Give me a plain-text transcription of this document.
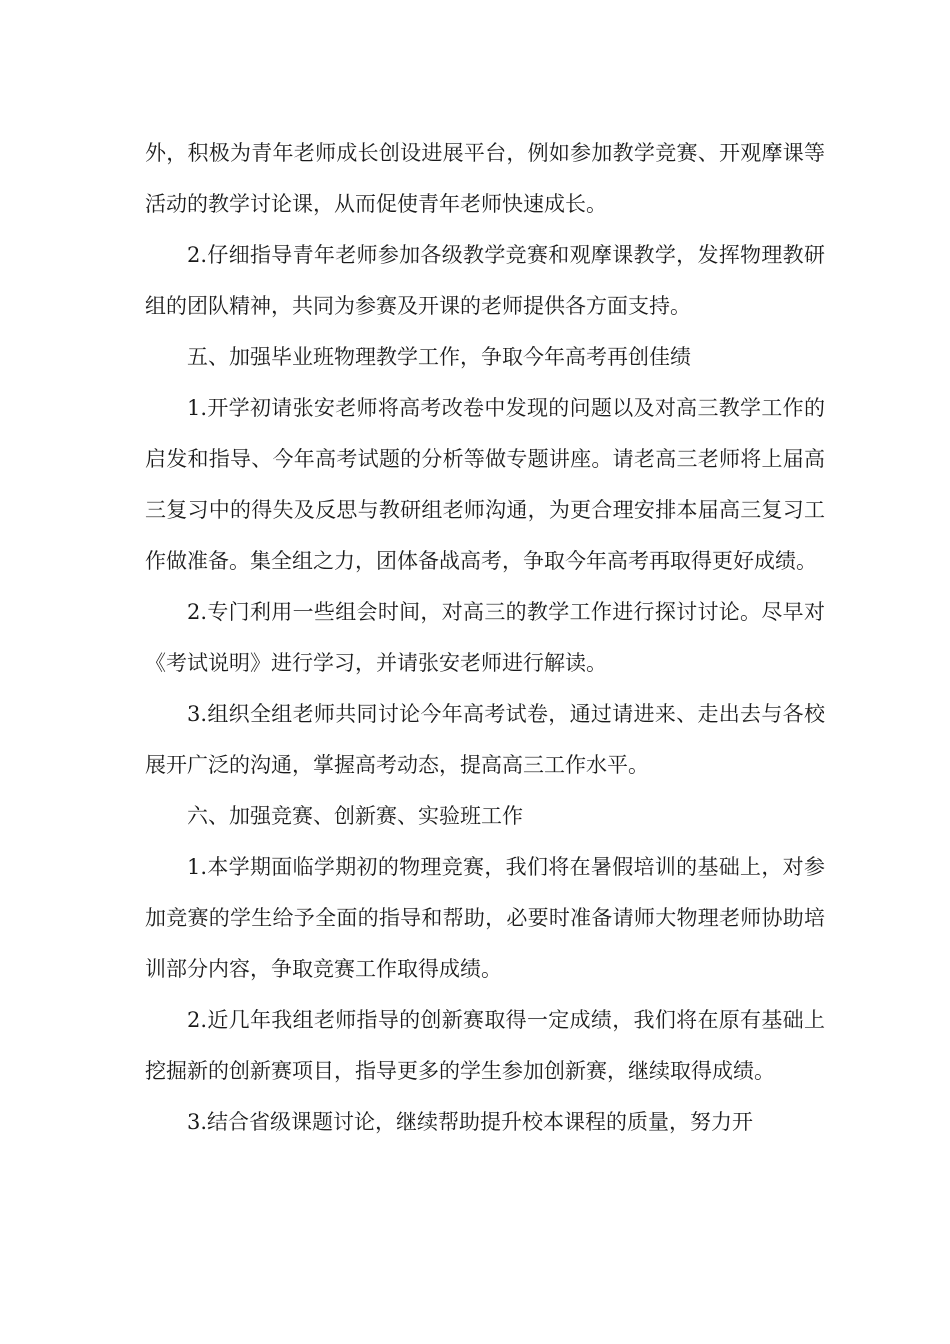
外，积极为青年老师成长创设进展平台，例如参加教学竞赛、开观摩课等活动的教学讨论课，从而促使青年老师快速成长。

2.仔细指导青年老师参加各级教学竞赛和观摩课教学，发挥物理教研组的团队精神，共同为参赛及开课的老师提供各方面支持。

五、加强毕业班物理教学工作，争取今年高考再创佳绩

1.开学初请张安老师将高考改卷中发现的问题以及对高三教学工作的启发和指导、今年高考试题的分析等做专题讲座。请老高三老师将上届高三复习中的得失及反思与教研组老师沟通，为更合理安排本届高三复习工作做准备。集全组之力，团体备战高考，争取今年高考再取得更好成绩。

2.专门利用一些组会时间，对高三的教学工作进行探讨讨论。尽早对《考试说明》进行学习，并请张安老师进行解读。

3.组织全组老师共同讨论今年高考试卷，通过请进来、走出去与各校展开广泛的沟通，掌握高考动态，提高高三工作水平。

六、加强竞赛、创新赛、实验班工作

1.本学期面临学期初的物理竞赛，我们将在暑假培训的基础上，对参加竞赛的学生给予全面的指导和帮助，必要时准备请师大物理老师协助培训部分内容，争取竞赛工作取得成绩。

2.近几年我组老师指导的创新赛取得一定成绩，我们将在原有基础上挖掘新的创新赛项目，指导更多的学生参加创新赛，继续取得成绩。

3.结合省级课题讨论，继续帮助提升校本课程的质量，努力开
